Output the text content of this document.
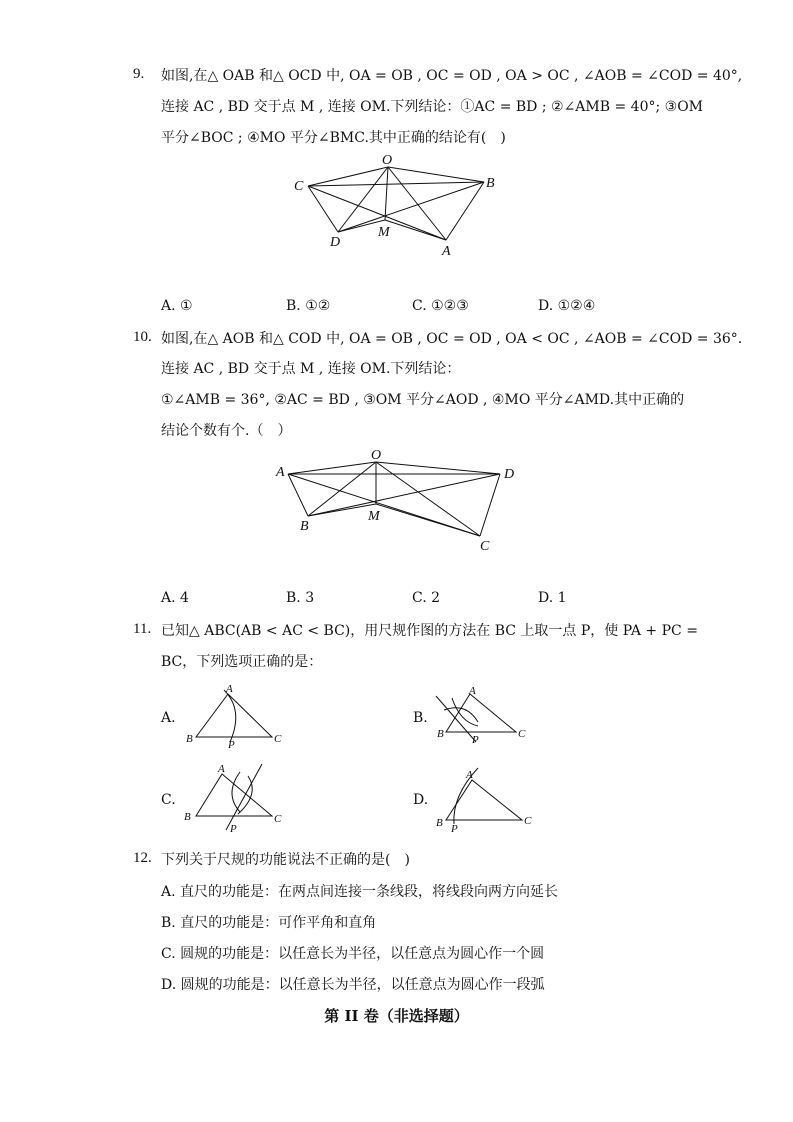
9. 如图,在△ OAB 和△ OCD 中, OA = OB , OC = OD , OA > OC , ∠AOB = ∠COD = 40°,
连接 AC , BD 交于点 M , 连接 OM.下列结论：①AC = BD ; ②∠AMB = 40°; ③OM
平分∠BOC ; ④MO 平分∠BMC.其中正确的结论有(　)
O
C	B
D
M
A
A. ①	B. ①②	C. ①②③	D. ①②④
10. 如图,在△ AOB 和△ COD 中, OA = OB , OC = OD , OA < OC , ∠AOB = ∠COD = 36°.
连接 AC , BD 交于点 M , 连接 OM.下列结论：
①∠AMB = 36°, ②AC = BD , ③OM 平分∠AOD , ④MO 平分∠AMD.其中正确的
结论个数有个.（　）
A
O
D
B
M
C
A. 4	B. 3	C. 2	D. 1
11. 已知△ ABC(AB < AC < BC)，用尺规作图的方法在 BC 上取一点 P，使 PA + PC =
BC，下列选项正确的是：
A.
A
B	C
P
B.
A
B	C
P
C.
A
B	C
P
D.
A
B	C
P
12. 下列关于尺规的功能说法不正确的是(　)
A. 直尺的功能是：在两点间连接一条线段，将线段向两方向延长
B. 直尺的功能是：可作平角和直角
C. 圆规的功能是：以任意长为半径，以任意点为圆心作一个圆
D. 圆规的功能是：以任意长为半径，以任意点为圆心作一段弧
第 II 卷（非选择题）
